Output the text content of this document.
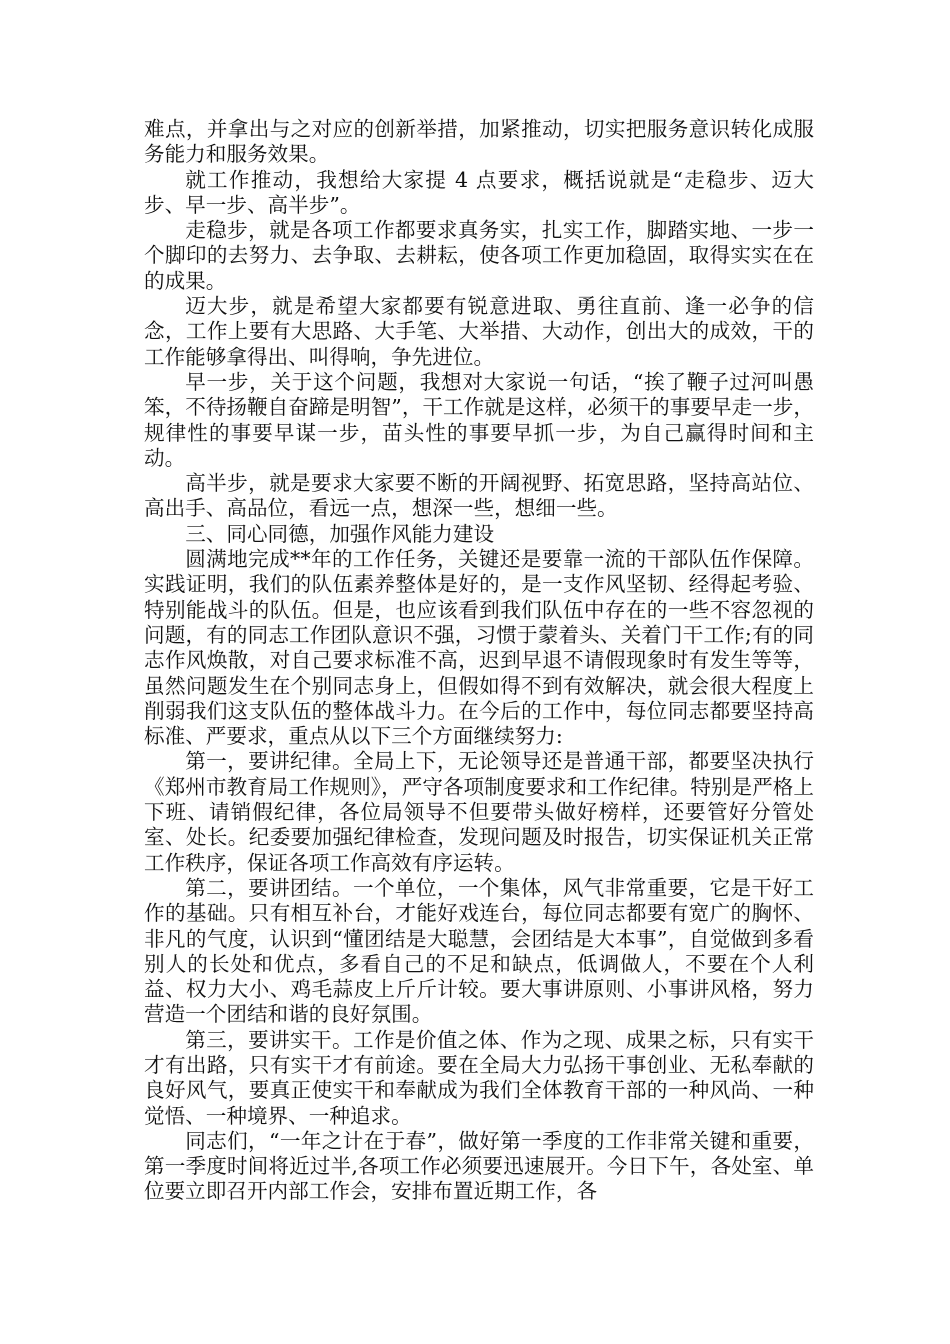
难点，并拿出与之对应的创新举措，加紧推动，切实把服务意识转化成服务能力和服务效果。

就工作推动，我想给大家提 4 点要求，概括说就是“走稳步、迈大步、早一步、高半步”。

走稳步，就是各项工作都要求真务实，扎实工作，脚踏实地、一步一个脚印的去努力、去争取、去耕耘，使各项工作更加稳固，取得实实在在的成果。

迈大步，就是希望大家都要有锐意进取、勇往直前、逢一必争的信念，工作上要有大思路、大手笔、大举措、大动作，创出大的成效，干的工作能够拿得出、叫得响，争先进位。

早一步，关于这个问题，我想对大家说一句话，“挨了鞭子过河叫愚笨，不待扬鞭自奋蹄是明智”，干工作就是这样，必须干的事要早走一步，规律性的事要早谋一步，苗头性的事要早抓一步，为自己赢得时间和主动。

高半步，就是要求大家要不断的开阔视野、拓宽思路，坚持高站位、高出手、高品位，看远一点，想深一些，想细一些。

三、同心同德，加强作风能力建设

圆满地完成**年的工作任务，关键还是要靠一流的干部队伍作保障。实践证明，我们的队伍素养整体是好的，是一支作风坚韧、经得起考验、特别能战斗的队伍。但是，也应该看到我们队伍中存在的一些不容忽视的问题，有的同志工作团队意识不强，习惯于蒙着头、关着门干工作;有的同志作风焕散，对自己要求标准不高，迟到早退不请假现象时有发生等等，虽然问题发生在个别同志身上，但假如得不到有效解决，就会很大程度上削弱我们这支队伍的整体战斗力。在今后的工作中，每位同志都要坚持高标准、严要求，重点从以下三个方面继续努力:

第一，要讲纪律。全局上下，无论领导还是普通干部，都要坚决执行《郑州市教育局工作规则》，严守各项制度要求和工作纪律。特别是严格上下班、请销假纪律，各位局领导不但要带头做好榜样，还要管好分管处室、处长。纪委要加强纪律检查，发现问题及时报告，切实保证机关正常工作秩序，保证各项工作高效有序运转。

第二，要讲团结。一个单位，一个集体，风气非常重要，它是干好工作的基础。只有相互补台，才能好戏连台，每位同志都要有宽广的胸怀、非凡的气度，认识到“懂团结是大聪慧，会团结是大本事”，自觉做到多看别人的长处和优点，多看自己的不足和缺点，低调做人，不要在个人利益、权力大小、鸡毛蒜皮上斤斤计较。要大事讲原则、小事讲风格，努力营造一个团结和谐的良好氛围。

第三，要讲实干。工作是价值之体、作为之现、成果之标，只有实干才有出路，只有实干才有前途。要在全局大力弘扬干事创业、无私奉献的良好风气，要真正使实干和奉献成为我们全体教育干部的一种风尚、一种觉悟、一种境界、一种追求。

同志们，“一年之计在于春”，做好第一季度的工作非常关键和重要，第一季度时间将近过半,各项工作必须要迅速展开。今日下午，各处室、单位要立即召开内部工作会，安排布置近期工作，各
